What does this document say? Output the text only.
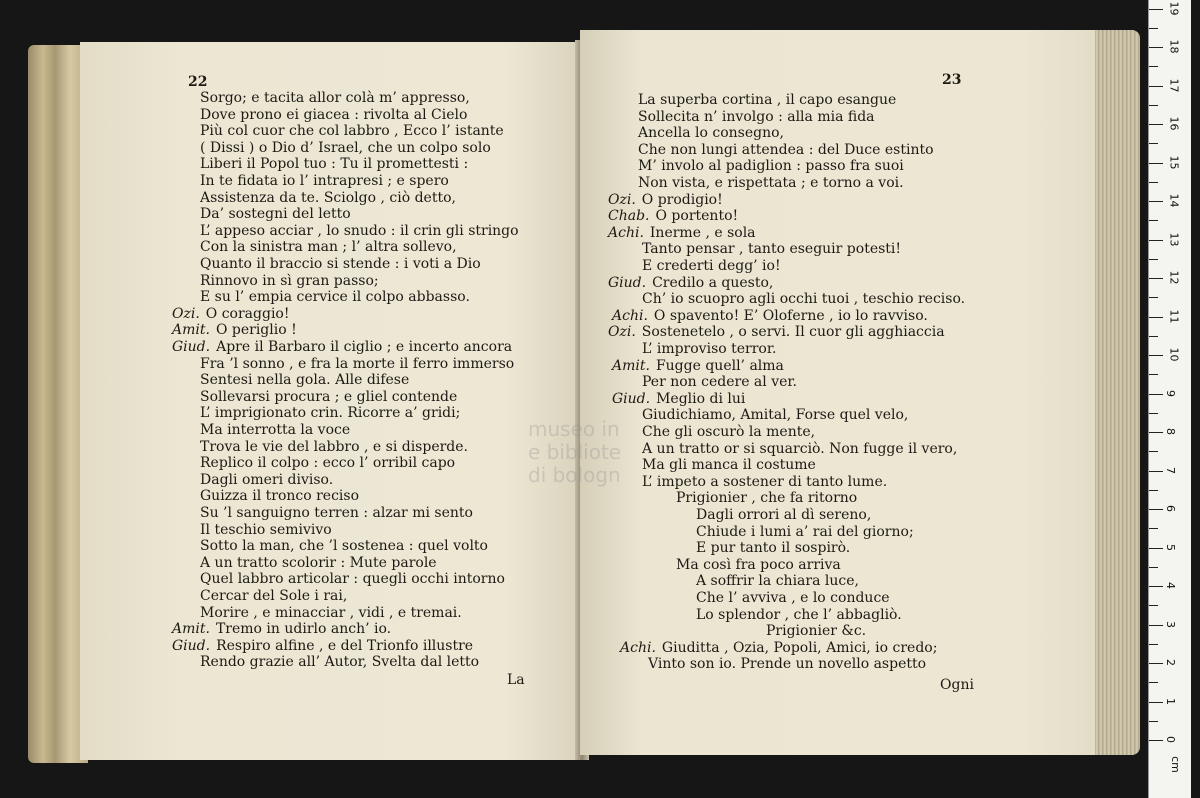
22
Sorgo; e tacita allor colà m’ appresso,
Dove prono ei giacea : rivolta al Cielo
Più col cuor che col labbro , Ecco l’ istante
( Dissi ) o Dio d’ Israel, che un colpo solo
Liberi il Popol tuo : Tu il promettesti :
In te fidata io l’ intrapresi ; e spero
Assistenza da te. Sciolgo , ciò detto,
Da’ sostegni del letto
L’ appeso acciar , lo snudo : il crin gli stringo
Con la sinistra man ; l’ altra sollevo,
Quanto il braccio si stende : i voti a Dio
Rinnovo in sì gran passo;
E su l’ empia cervice il colpo abbasso.
Ozi. O coraggio!
Amit. O periglio !
Giud. Apre il Barbaro il ciglio ; e incerto ancora
Fra ’l sonno , e fra la morte il ferro immerso
Sentesi nella gola. Alle difese
Sollevarsi procura ; e gliel contende
L’ imprigionato crin. Ricorre a’ gridi;
Ma interrotta la voce
Trova le vie del labbro , e si disperde.
Replico il colpo : ecco l’ orribil capo
Dagli omeri diviso.
Guizza il tronco reciso
Su ’l sanguigno terren : alzar mi sento
Il teschio semivivo
Sotto la man, che ’l sostenea : quel volto
A un tratto scolorir : Mute parole
Quel labbro articolar : quegli occhi intorno
Cercar del Sole i rai,
Morire , e minacciar , vidi , e tremai.
Amit. Tremo in udirlo anch’ io.
Giud. Respiro alfine , e del Trionfo illustre
Rendo grazie all’ Autor, Svelta dal letto
La
23
La superba cortina , il capo esangue
Sollecita n’ involgo : alla mia fida
Ancella lo consegno,
Che non lungi attendea : del Duce estinto
M’ involo al padiglion : passo fra suoi
Non vista, e rispettata ; e torno a voi.
Ozi. O prodigio!
Chab. O portento!
Achi. Inerme , e sola
Tanto pensar , tanto eseguir potesti!
E crederti degg’ io!
Giud. Credilo a questo,
Ch’ io scuopro agli occhi tuoi , teschio reciso.
Achi. O spavento! E’ Oloferne , io lo ravviso.
Ozi. Sostenetelo , o servi. Il cuor gli agghiaccia
L’ improviso terror.
Amit. Fugge quell’ alma
Per non cedere al ver.
Giud. Meglio di lui
Giudichiamo, Amital, Forse quel velo,
Che gli oscurò la mente,
A un tratto or si squarciò. Non fugge il vero,
Ma gli manca il costume
L’ impeto a sostener di tanto lume.
Prigionier , che fa ritorno
Dagli orrori al dì sereno,
Chiude i lumi a’ rai del giorno;
E pur tanto il sospirò.
Ma così fra poco arriva
A soffrir la chiara luce,
Che l’ avviva , e lo conduce
Lo splendor , che l’ abbagliò.
Prigionier &c.
Achi. Giuditta , Ozia, Popoli, Amici, io credo;
Vinto son io. Prende un novello aspetto
Ogni
museo in
e bibliote
di bologn
0
1
2
3
4
5
6
7
8
9
10
11
12
13
14
15
16
17
18
19
cm
